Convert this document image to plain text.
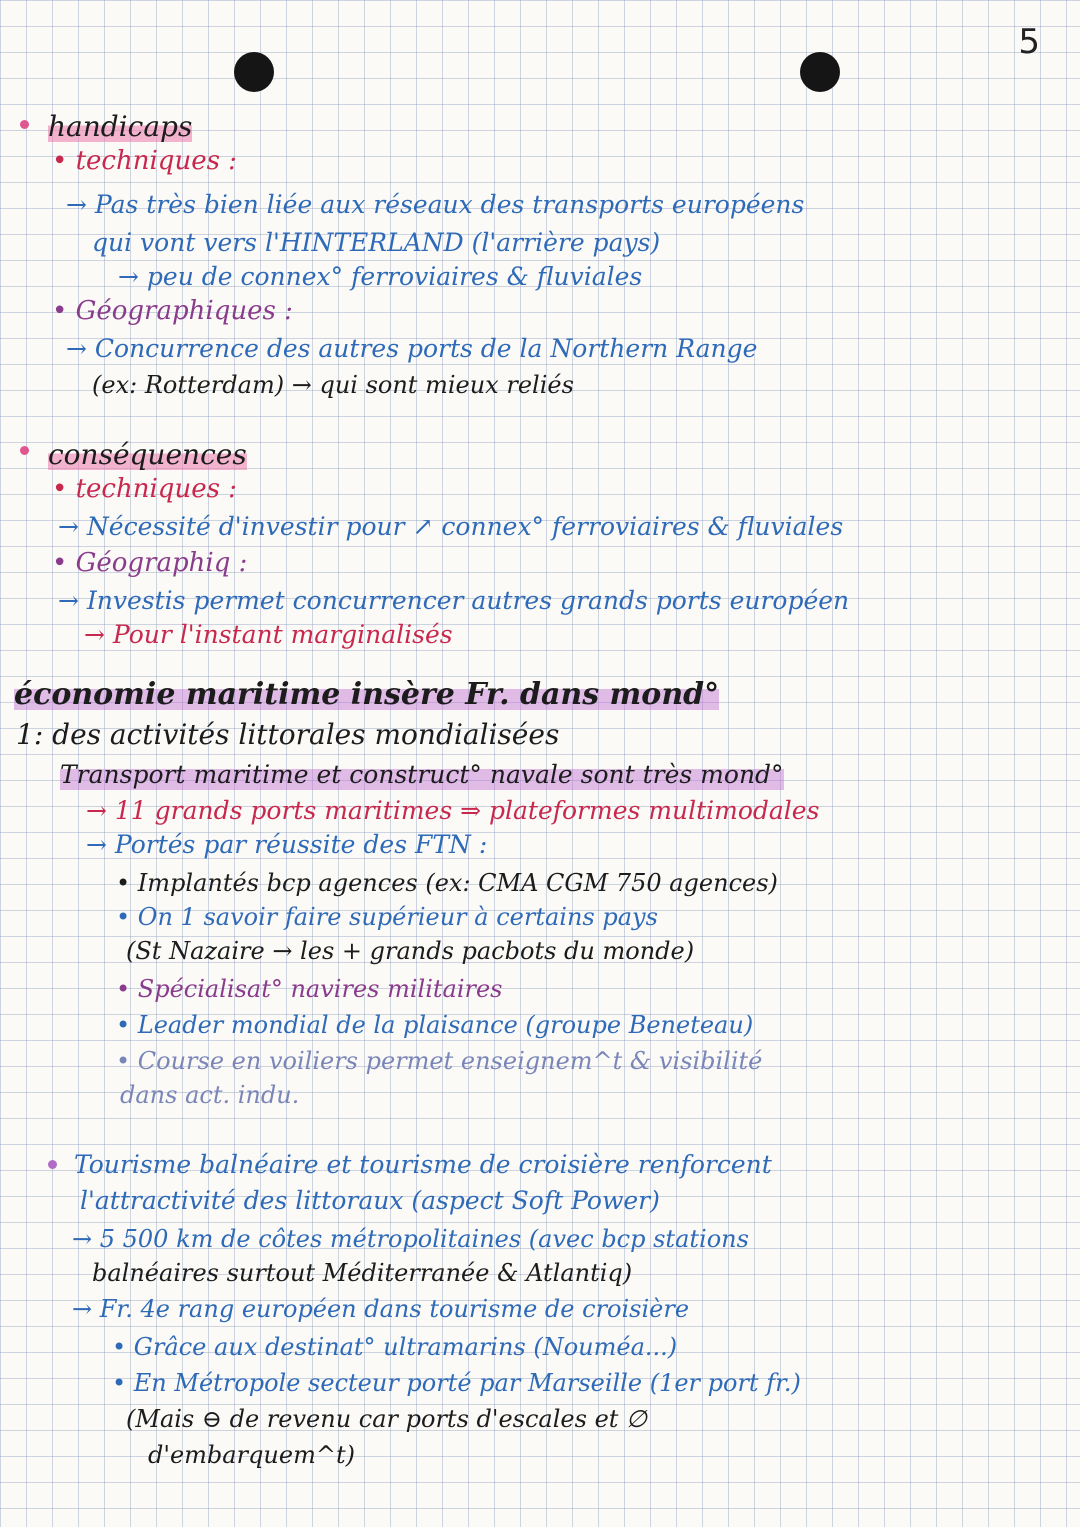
5
handicaps
• techniques :
→ Pas très bien liée aux réseaux des transports européens
qui vont vers l'HINTERLAND (l'arrière pays)
→ peu de connex° ferroviaires & fluviales
• Géographiques :
→ Concurrence des autres ports de la Northern Range
(ex: Rotterdam) → qui sont mieux reliés
conséquences
• techniques :
→ Nécessité d'investir pour ↗ connex° ferroviaires & fluviales
• Géographiq :
→ Investis permet concurrencer autres grands ports européen
→ Pour l'instant marginalisés
économie maritime insère Fr. dans mond°
1: des activités littorales mondialisées
Transport maritime et construct° navale sont très mond°
→ 11 grands ports maritimes ⇒ plateformes multimodales
→ Portés par réussite des FTN :
• Implantés bcp agences (ex: CMA CGM 750 agences)
• On 1 savoir faire supérieur à certains pays
(St Nazaire → les + grands pacbots du monde)
• Spécialisat° navires militaires
• Leader mondial de la plaisance (groupe Beneteau)
• Course en voiliers permet enseignem^t & visibilité
dans act. indu.
Tourisme balnéaire et tourisme de croisière renforcent
l'attractivité des littoraux (aspect Soft Power)
→ 5 500 km de côtes métropolitaines (avec bcp stations
balnéaires surtout Méditerranée & Atlantiq)
→ Fr. 4e rang européen dans tourisme de croisière
• Grâce aux destinat° ultramarins (Nouméa...)
• En Métropole secteur porté par Marseille (1er port fr.)
(Mais ⊖ de revenu car ports d'escales et ∅
d'embarquem^t)
